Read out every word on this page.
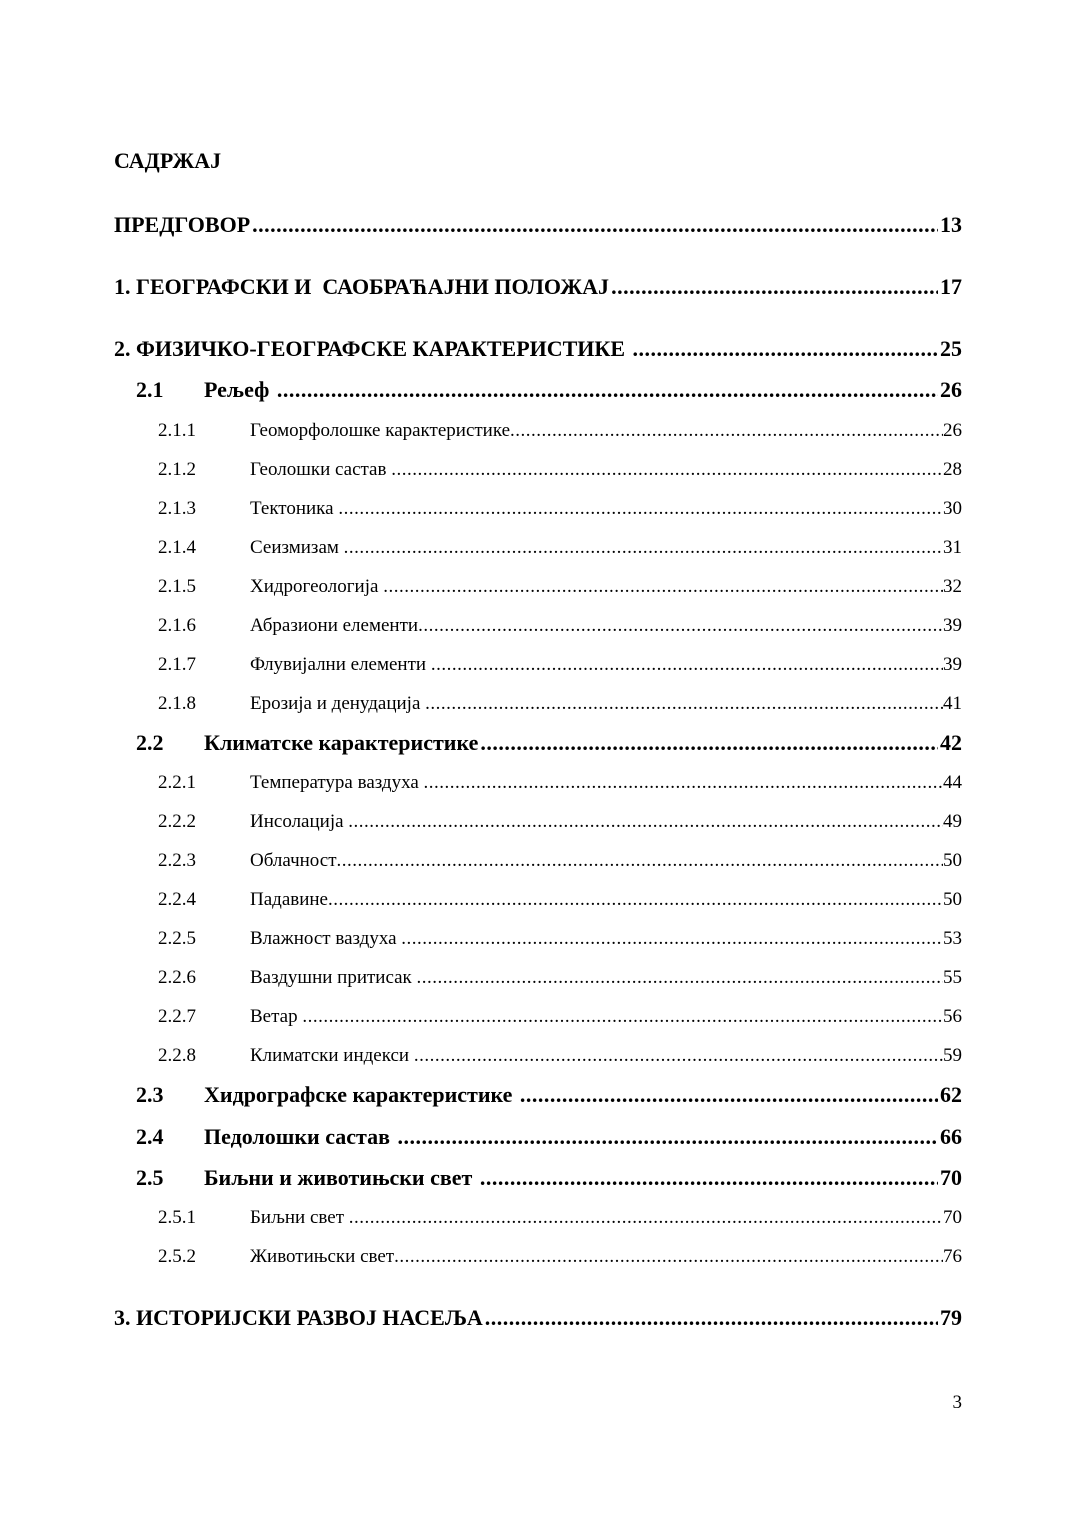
САДРЖАЈ
ПРЕДГОВОР .....	13
1. ГЕОГРАФСКИ И  САОБРАЋАЈНИ ПОЛОЖАЈ .....	17
2. ФИЗИЧКО-ГЕОГРАФСКЕ КАРАКТЕРИСТИКЕ .....	25
2.1	Рељеф .....	26
2.1.1	Геоморфолошке карактеристике .....	26
2.1.2	Геолошки састав .....	28
2.1.3	Тектоника .....	30
2.1.4	Сеизмизам .....	31
2.1.5	Хидрогеологија .....	32
2.1.6	Абразиони елементи .....	39
2.1.7	Флувијални елементи .....	39
2.1.8	Ерозија и денудација .....	41
2.2	Климатске карактеристике .....	42
2.2.1	Температура ваздуха .....	44
2.2.2	Инсолација .....	49
2.2.3	Облачност .....	50
2.2.4	Падавине .....	50
2.2.5	Влажност ваздуха .....	53
2.2.6	Ваздушни притисак .....	55
2.2.7	Ветар .....	56
2.2.8	Климатски индекси .....	59
2.3	Хидрографске карактеристике .....	62
2.4	Педолошки састав .....	66
2.5	Биљни и животињски свет .....	70
2.5.1	Биљни свет .....	70
2.5.2	Животињски свет .....	76
3. ИСТОРИЈСКИ РАЗВОЈ НАСЕЉА .....	79
3
